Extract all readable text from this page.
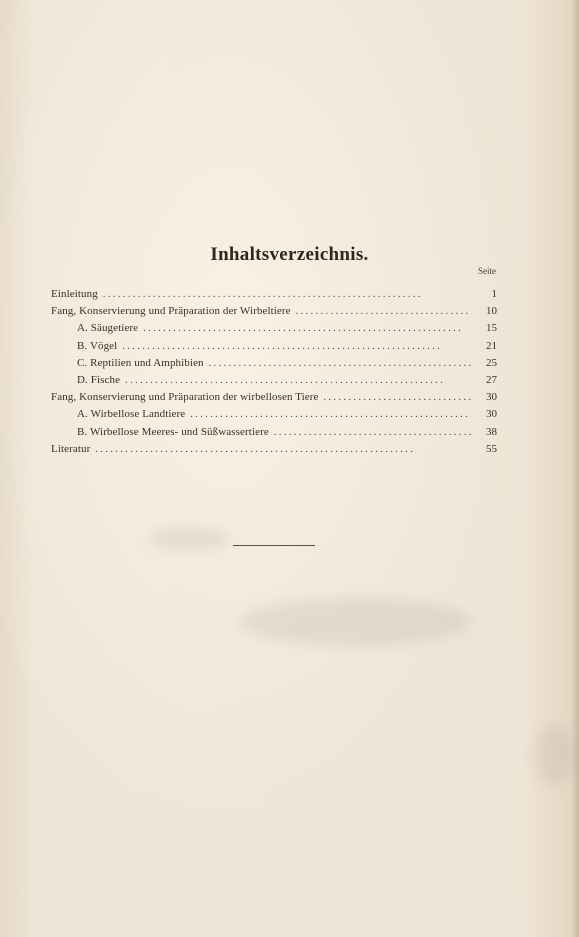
Inhaltsverzeichnis.
Seite
Einleitung . . .	1
Fang, Konservierung und Präparation der Wirbeltiere . . .	10
A. Säugetiere . . .	15
B. Vögel . . .	21
C. Reptilien und Amphibien . . .	25
D. Fische . . .	27
Fang, Konservierung und Präparation der wirbellosen Tiere . . .	30
A. Wirbellose Landtiere . . .	30
B. Wirbellose Meeres- und Süßwassertiere . . .	38
Literatur . . .	55
